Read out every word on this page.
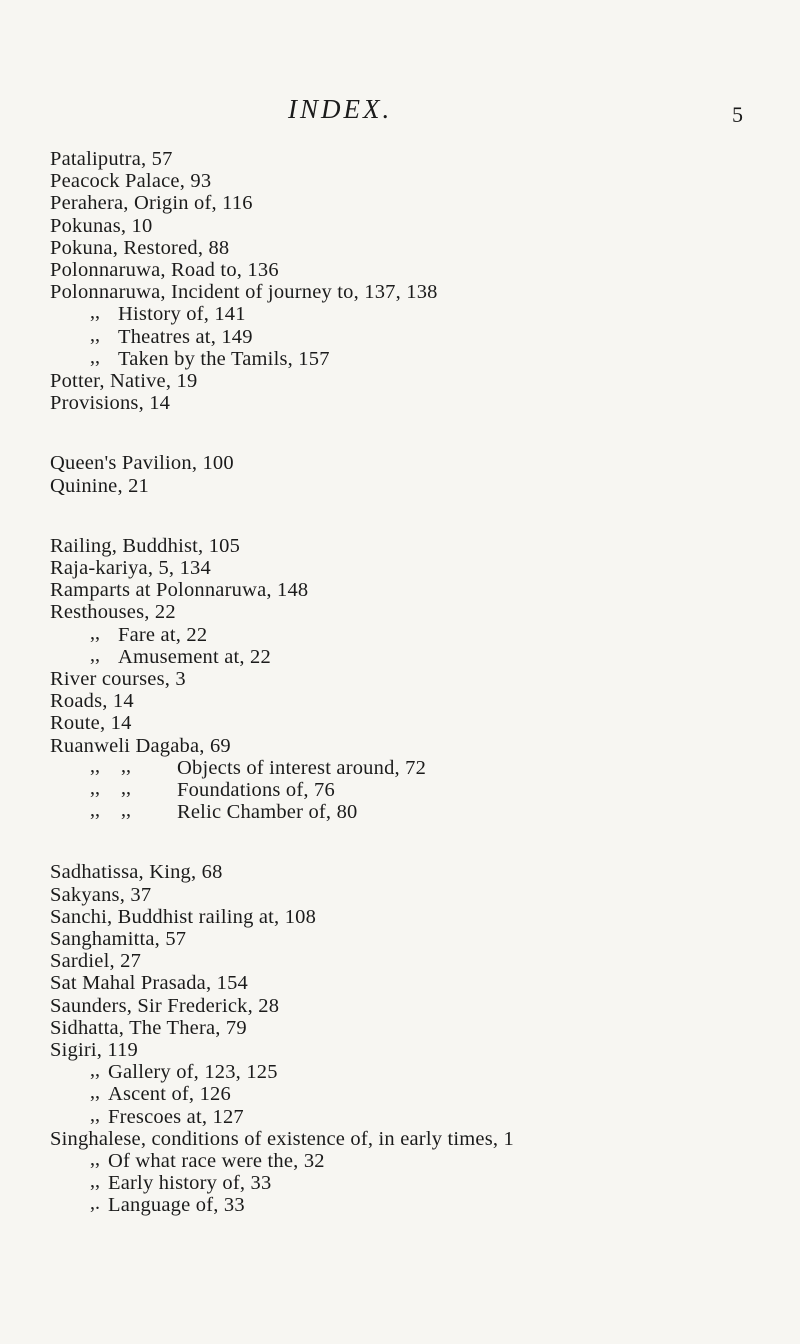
INDEX.	5
Pataliputra, 57
Peacock Palace, 93
Perahera, Origin of, 116
Pokunas, 10
Pokuna, Restored, 88
Polonnaruwa, Road to, 136
Polonnaruwa, Incident of journey to, 137, 138
,, History of, 141
,, Theatres at, 149
,, Taken by the Tamils, 157
Potter, Native, 19
Provisions, 14
Queen's Pavilion, 100
Quinine, 21
Railing, Buddhist, 105
Raja-kariya, 5, 134
Ramparts at Polonnaruwa, 148
Resthouses, 22
,, Fare at, 22
,, Amusement at, 22
River courses, 3
Roads, 14
Route, 14
Ruanweli Dagaba, 69
,, ,, Objects of interest around, 72
,, ,, Foundations of, 76
,, ,, Relic Chamber of, 80
Sadhatissa, King, 68
Sakyans, 37
Sanchi, Buddhist railing at, 108
Sanghamitta, 57
Sardiel, 27
Sat Mahal Prasada, 154
Saunders, Sir Frederick, 28
Sidhatta, The Thera, 79
Sigiri, 119
,, Gallery of, 123, 125
,, Ascent of, 126
,, Frescoes at, 127
Singhalese, conditions of existence of, in early times, 1
,, Of what race were the, 32
,, Early history of, 33
,. Language of, 33
